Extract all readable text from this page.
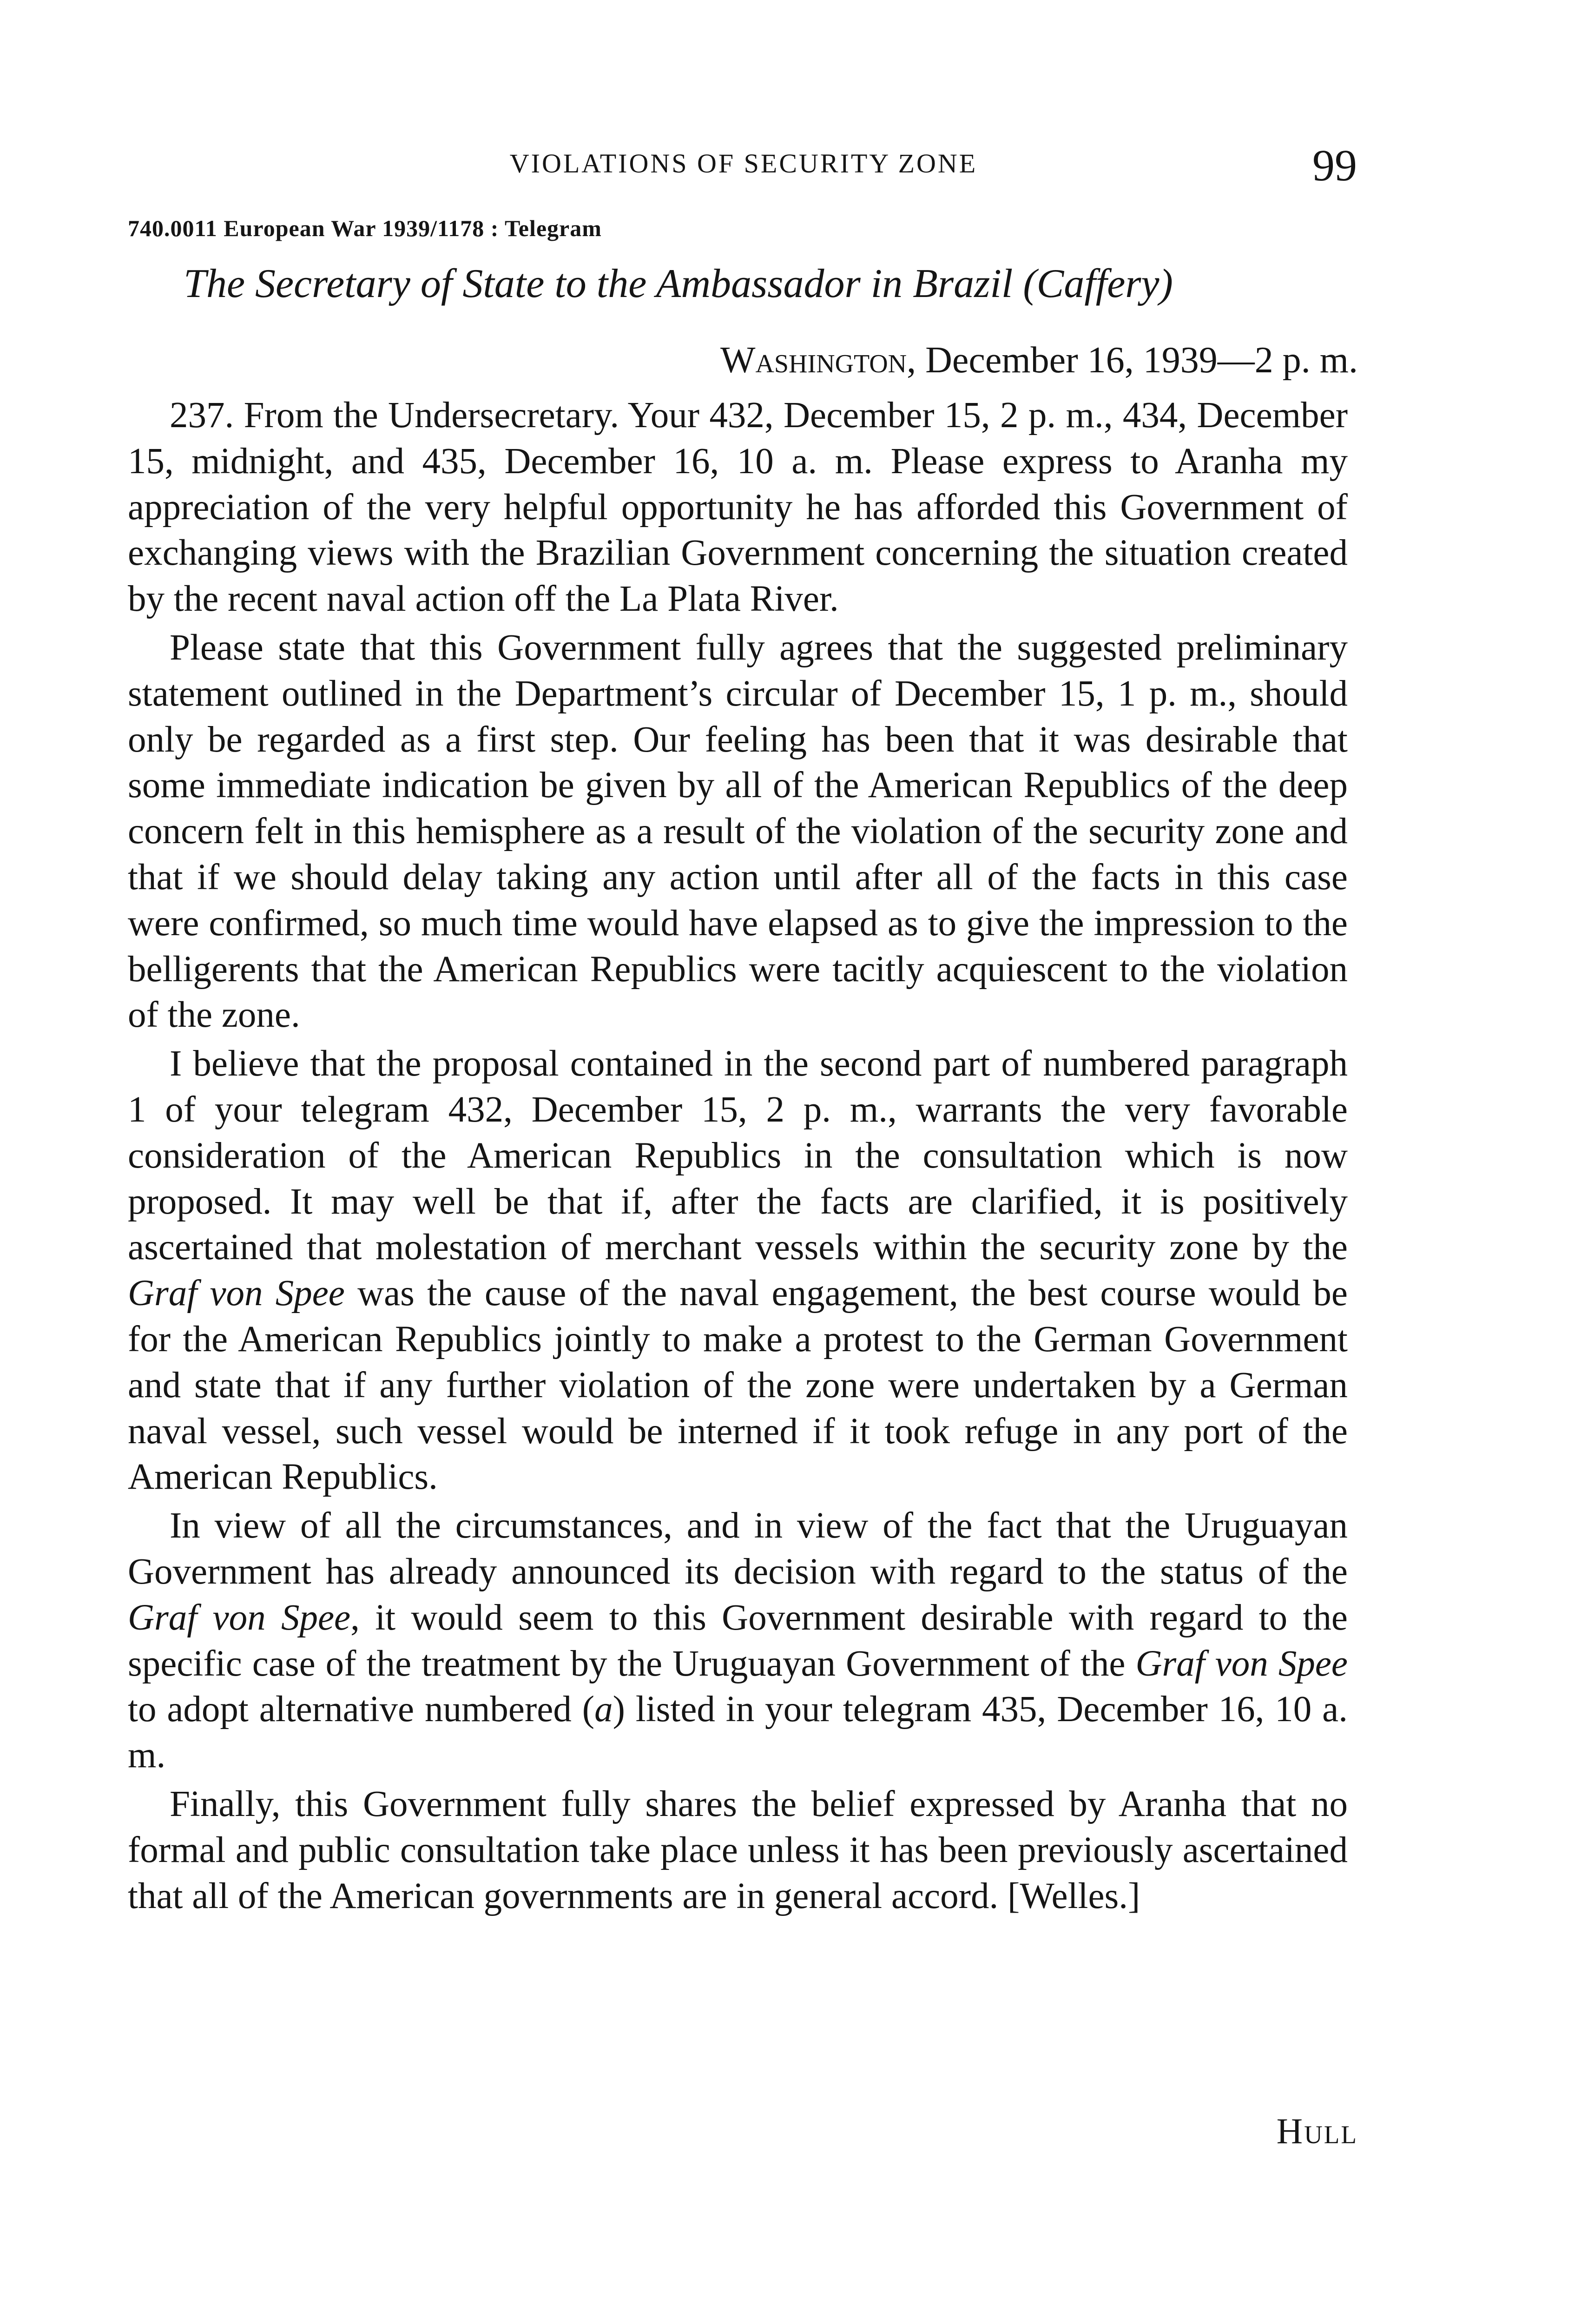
VIOLATIONS OF SECURITY ZONE	99
740.0011 European War 1939/1178 : Telegram
The Secretary of State to the Ambassador in Brazil (Caffery)
Washington, December 16, 1939—2 p. m.

237. From the Undersecretary. Your 432, December 15, 2 p. m., 434, December 15, midnight, and 435, December 16, 10 a. m. Please express to Aranha my appreciation of the very helpful opportunity he has afforded this Government of exchanging views with the Brazilian Government concerning the situation created by the recent naval action off the La Plata River.

Please state that this Government fully agrees that the suggested preliminary statement outlined in the Department’s circular of December 15, 1 p. m., should only be regarded as a first step. Our feeling has been that it was desirable that some immediate indication be given by all of the American Republics of the deep concern felt in this hemisphere as a result of the violation of the security zone and that if we should delay taking any action until after all of the facts in this case were confirmed, so much time would have elapsed as to give the impression to the belligerents that the American Republics were tacitly acquiescent to the violation of the zone.

I believe that the proposal contained in the second part of numbered paragraph 1 of your telegram 432, December 15, 2 p. m., warrants the very favorable consideration of the American Republics in the consultation which is now proposed. It may well be that if, after the facts are clarified, it is positively ascertained that molestation of merchant vessels within the security zone by the Graf von Spee was the cause of the naval engagement, the best course would be for the American Republics jointly to make a protest to the German Government and state that if any further violation of the zone were undertaken by a German naval vessel, such vessel would be interned if it took refuge in any port of the American Republics.

In view of all the circumstances, and in view of the fact that the Uruguayan Government has already announced its decision with regard to the status of the Graf von Spee, it would seem to this Government desirable with regard to the specific case of the treatment by the Uruguayan Government of the Graf von Spee to adopt alternative numbered (a) listed in your telegram 435, December 16, 10 a. m.

Finally, this Government fully shares the belief expressed by Aranha that no formal and public consultation take place unless it has been previously ascertained that all of the American governments are in general accord. [Welles.]

Hull
